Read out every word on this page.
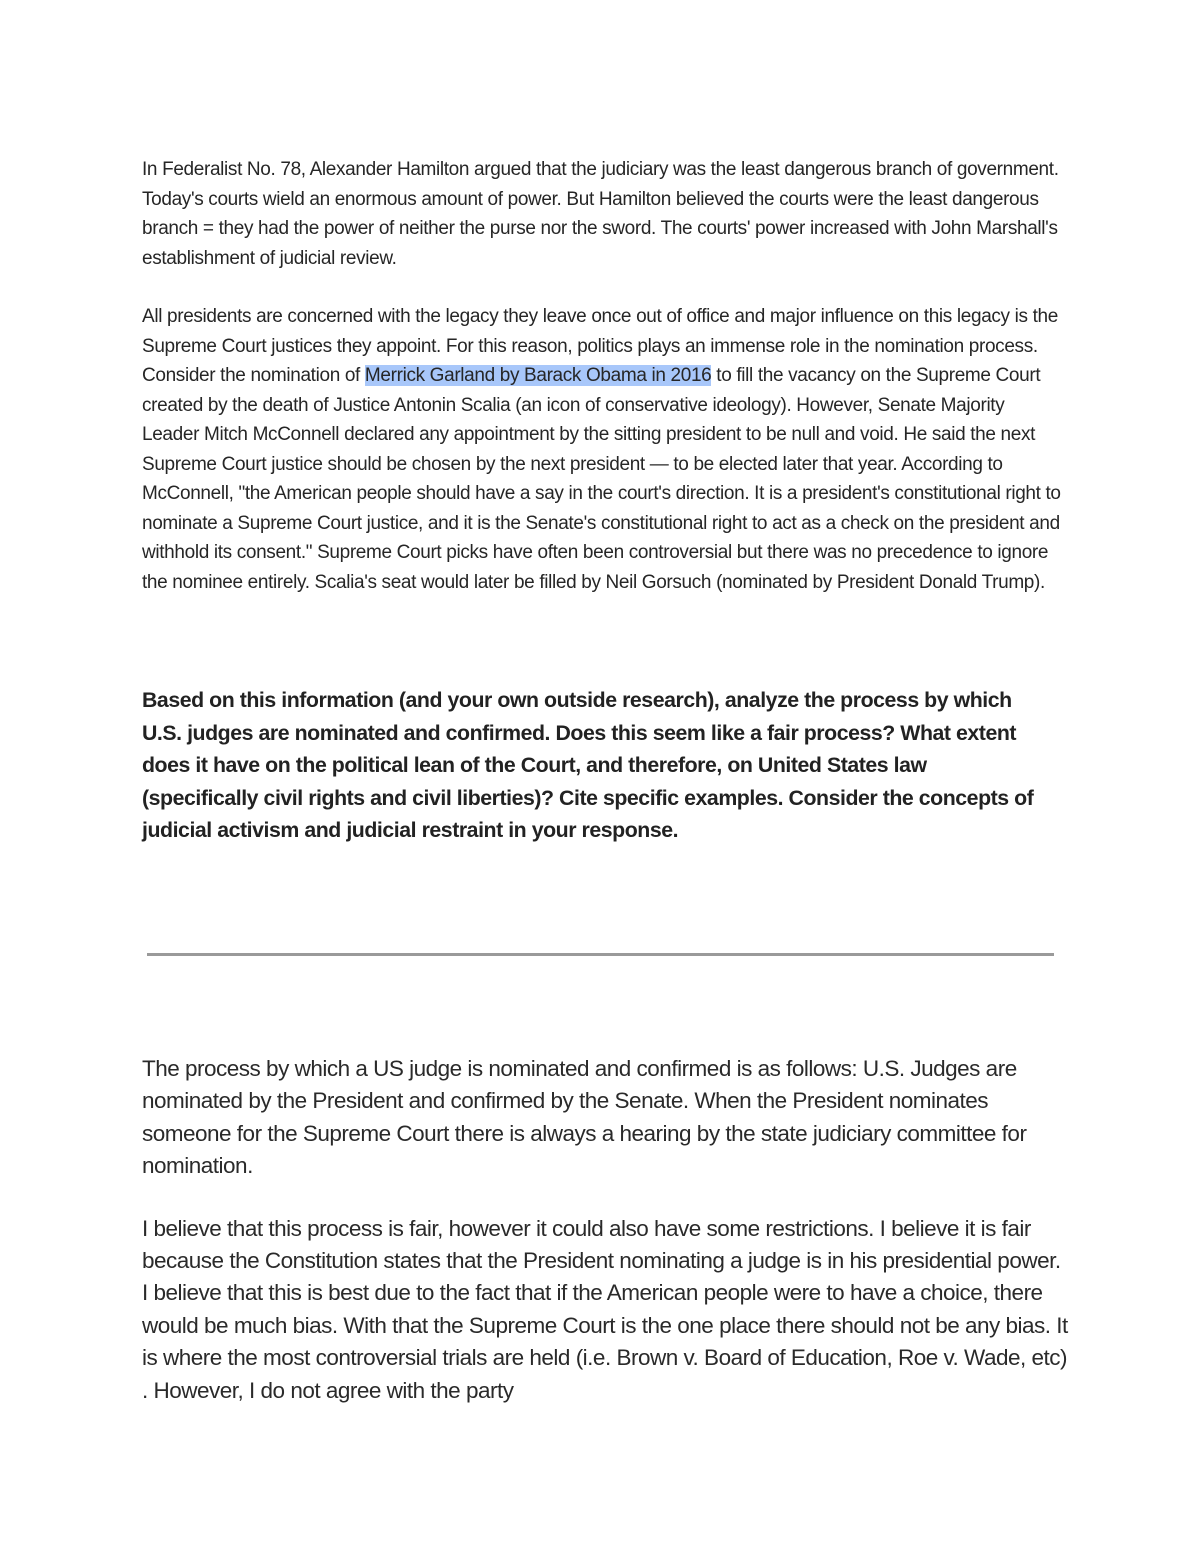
In Federalist No. 78, Alexander Hamilton argued that the judiciary was the least dangerous branch of government. Today's courts wield an enormous amount of power. But Hamilton believed the courts were the least dangerous branch = they had the power of neither the purse nor the sword. The courts' power increased with John Marshall's establishment of judicial review.

All presidents are concerned with the legacy they leave once out of office and major influence on this legacy is the Supreme Court justices they appoint. For this reason, politics plays an immense role in the nomination process. Consider the nomination of Merrick Garland by Barack Obama in 2016 to fill the vacancy on the Supreme Court created by the death of Justice Antonin Scalia (an icon of conservative ideology). However, Senate Majority Leader Mitch McConnell declared any appointment by the sitting president to be null and void. He said the next Supreme Court justice should be chosen by the next president — to be elected later that year. According to McConnell, "the American people should have a say in the court's direction. It is a president's constitutional right to nominate a Supreme Court justice, and it is the Senate's constitutional right to act as a check on the president and withhold its consent." Supreme Court picks have often been controversial but there was no precedence to ignore the nominee entirely. Scalia's seat would later be filled by Neil Gorsuch (nominated by President Donald Trump).

Based on this information (and your own outside research), analyze the process by which U.S. judges are nominated and confirmed. Does this seem like a fair process? What extent does it have on the political lean of the Court, and therefore, on United States law (specifically civil rights and civil liberties)? Cite specific examples. Consider the concepts of judicial activism and judicial restraint in your response.

The process by which a US judge is nominated and confirmed is as follows: U.S. Judges are nominated by the President and confirmed by the Senate. When the President nominates someone for the Supreme Court there is always a hearing by the state judiciary committee for nomination.

I believe that this process is fair, however it could also have some restrictions. I believe it is fair because the Constitution states that the President nominating a judge is in his presidential power. I believe that this is best due to the fact that if the American people were to have a choice, there would be much bias. With that the Supreme Court is the one place there should not be any bias. It is where the most controversial trials are held (i.e. Brown v. Board of Education, Roe v. Wade, etc) . However, I do not agree with the party
